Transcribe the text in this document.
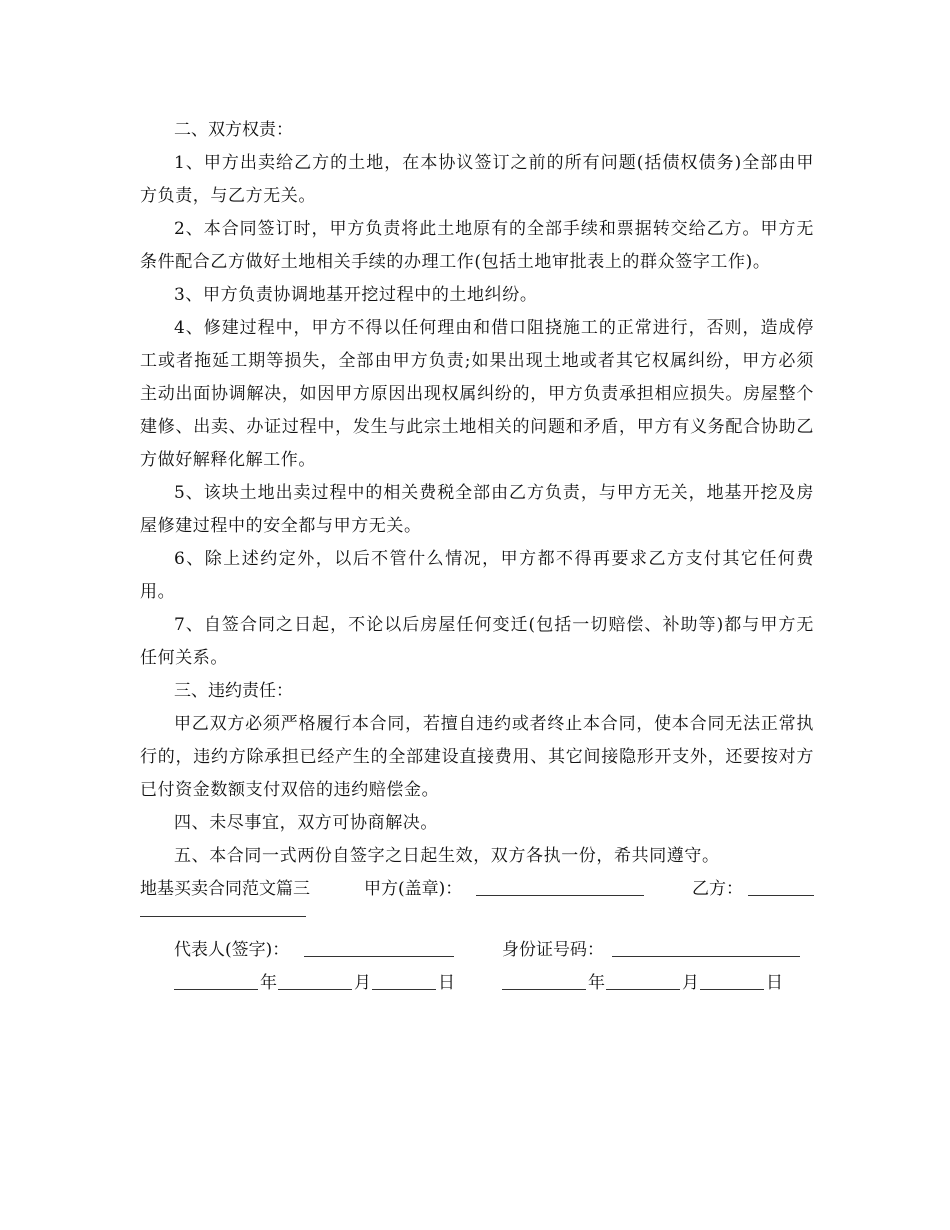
二、双方权责：

1、甲方出卖给乙方的土地，在本协议签订之前的所有问题(括债权债务)全部由甲方负责，与乙方无关。

2、本合同签订时，甲方负责将此土地原有的全部手续和票据转交给乙方。甲方无条件配合乙方做好土地相关手续的办理工作(包括土地审批表上的群众签字工作)。

3、甲方负责协调地基开挖过程中的土地纠纷。

4、修建过程中，甲方不得以任何理由和借口阻挠施工的正常进行，否则，造成停工或者拖延工期等损失，全部由甲方负责;如果出现土地或者其它权属纠纷，甲方必须主动出面协调解决，如因甲方原因出现权属纠纷的，甲方负责承担相应损失。房屋整个建修、出卖、办证过程中，发生与此宗土地相关的问题和矛盾，甲方有义务配合协助乙方做好解释化解工作。

5、该块土地出卖过程中的相关费税全部由乙方负责，与甲方无关，地基开挖及房屋修建过程中的安全都与甲方无关。

6、除上述约定外，以后不管什么情况，甲方都不得再要求乙方支付其它任何费用。

7、自签合同之日起，不论以后房屋任何变迁(包括一切赔偿、补助等)都与甲方无任何关系。

三、违约责任：

甲乙双方必须严格履行本合同，若擅自违约或者终止本合同，使本合同无法正常执行的，违约方除承担已经产生的全部建设直接费用、其它间接隐形开支外，还要按对方已付资金数额支付双倍的违约赔偿金。

四、未尽事宜，双方可协商解决。

五、本合同一式两份自签字之日起生效，双方各执一份，希共同遵守。

地基买卖合同范文篇三	甲方(盖章)：	乙方：
代表人(签字)：	身份证号码：
年	月	日	年	月	日
